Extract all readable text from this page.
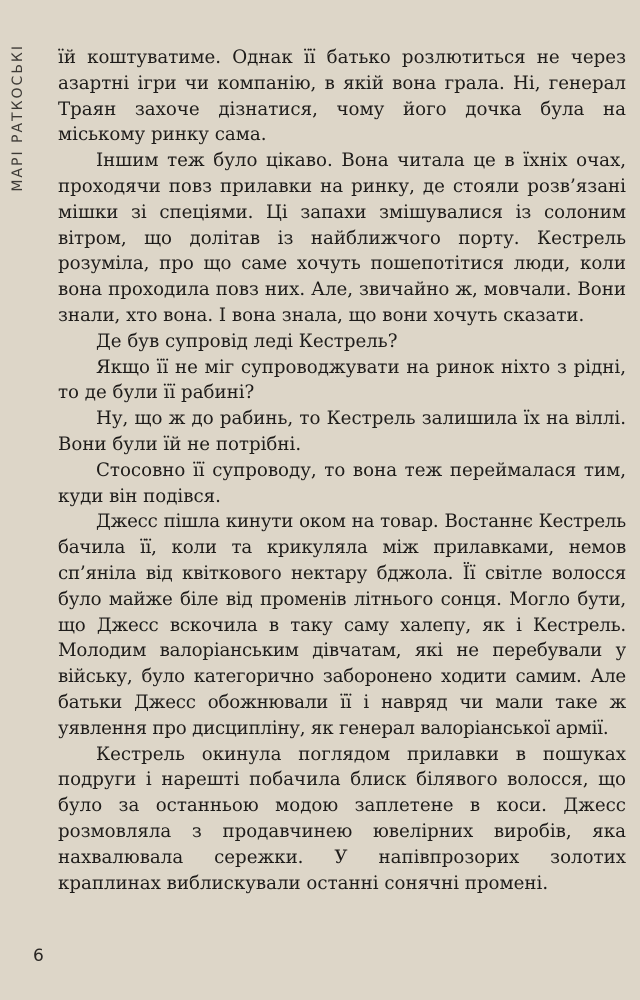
МАРІ РАТКОСЬКІ їй коштуватиме. Однак її батько розлютиться не через азартні ігри чи компанію, в якій вона грала. Ні, генерал Траян захоче дізнатися, чому його дочка була на міському ринку сама.

Іншим теж було цікаво. Вона читала це в їхніх очах, проходячи повз прилавки на ринку, де стояли розв’язані мішки зі спеціями. Ці запахи змішувалися із солоним вітром, що долітав із найближчого порту. Кестрель розуміла, про що саме хочуть пошепотітися люди, коли вона проходила повз них. Але, звичайно ж, мовчали. Вони знали, хто вона. І вона знала, що вони хочуть сказати.

Де був супровід леді Кестрель?

Якщо її не міг супроводжувати на ринок ніхто з рідні, то де були її рабині?

Ну, що ж до рабинь, то Кестрель залишила їх на віллі. Вони були їй не потрібні.

Стосовно її супроводу, то вона теж переймалася тим, куди він подівся.

Джесс пішла кинути оком на товар. Востаннє Кестрель бачила її, коли та крикуляла між прилавками, немов сп’яніла від квіткового нектару бджола. Її світле волосся було майже біле від променів літнього сонця. Могло бути, що Джесс вскочила в таку саму халепу, як і Кестрель. Молодим валоріанським дівчатам, які не перебували у війську, було категорично заборонено ходити самим. Але батьки Джесс обожнювали її і навряд чи мали таке ж уявлення про дисципліну, як генерал валоріанської армії.

Кестрель окинула поглядом прилавки в пошуках подруги і нарешті побачила блиск білявого волосся, що було за останньою модою заплетене в коси. Джесс розмовляла з продавчинею ювелірних виробів, яка нахвалювала сережки. У напівпрозорих золотих краплинах виблискували останні сонячні промені.

6
